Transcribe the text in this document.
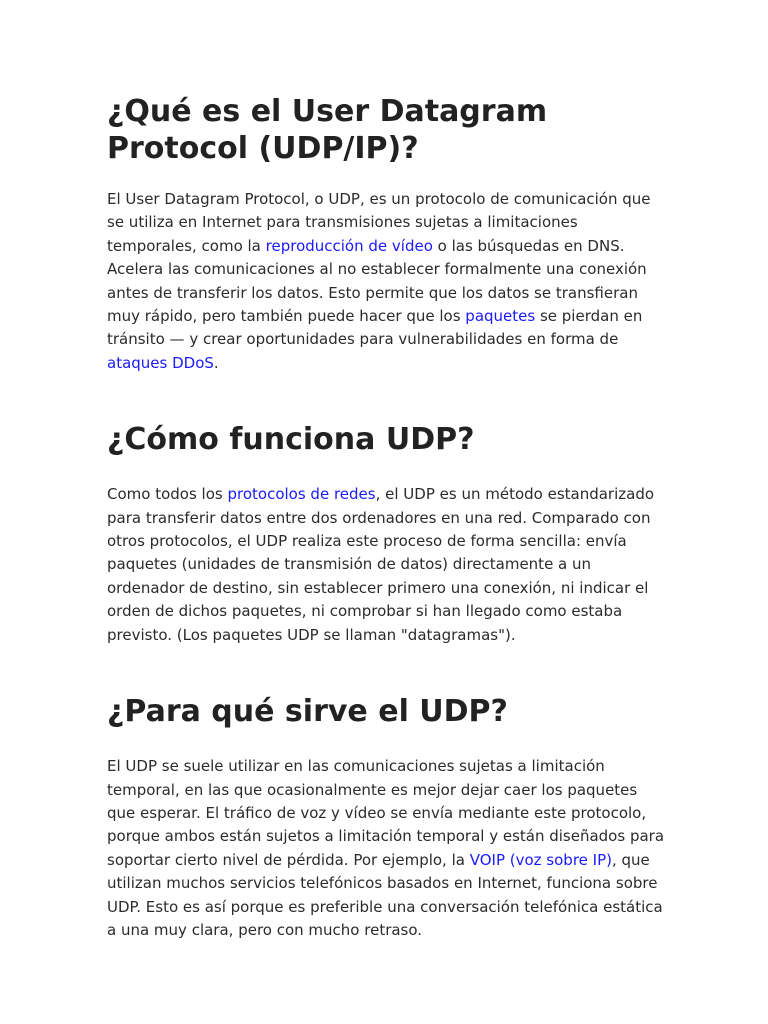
¿Qué es el User Datagram Protocol (UDP/IP)?

El User Datagram Protocol, o UDP, es un protocolo de comunicación que se utiliza en Internet para transmisiones sujetas a limitaciones temporales, como la reproducción de vídeo o las búsquedas en DNS. Acelera las comunicaciones al no establecer formalmente una conexión antes de transferir los datos. Esto permite que los datos se transfieran muy rápido, pero también puede hacer que los paquetes se pierdan en tránsito — y crear oportunidades para vulnerabilidades en forma de ataques DDoS.

¿Cómo funciona UDP?

Como todos los protocolos de redes, el UDP es un método estandarizado para transferir datos entre dos ordenadores en una red. Comparado con otros protocolos, el UDP realiza este proceso de forma sencilla: envía paquetes (unidades de transmisión de datos) directamente a un ordenador de destino, sin establecer primero una conexión, ni indicar el orden de dichos paquetes, ni comprobar si han llegado como estaba previsto. (Los paquetes UDP se llaman "datagramas").

¿Para qué sirve el UDP?

El UDP se suele utilizar en las comunicaciones sujetas a limitación temporal, en las que ocasionalmente es mejor dejar caer los paquetes que esperar. El tráfico de voz y vídeo se envía mediante este protocolo, porque ambos están sujetos a limitación temporal y están diseñados para soportar cierto nivel de pérdida. Por ejemplo, la VOIP (voz sobre IP), que utilizan muchos servicios telefónicos basados en Internet, funciona sobre UDP. Esto es así porque es preferible una conversación telefónica estática a una muy clara, pero con mucho retraso.
